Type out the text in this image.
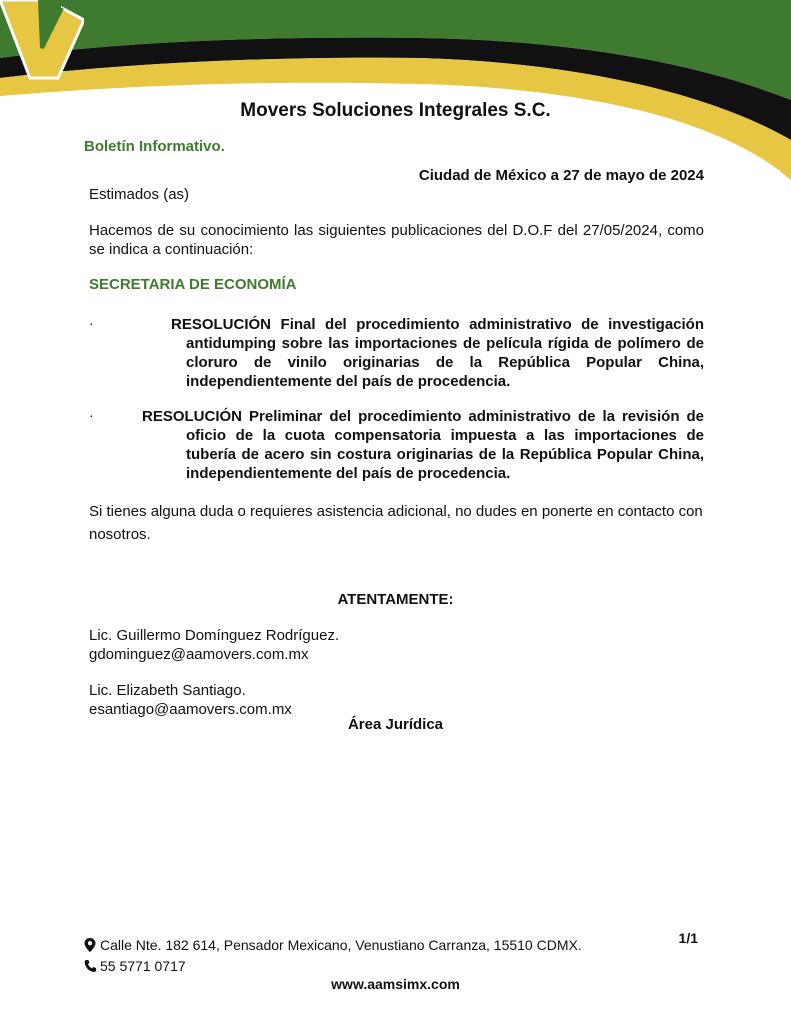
Movers Soluciones Integrales S.C.
Boletín Informativo.
Ciudad de México a 27 de mayo de 2024
Estimados (as)
Hacemos de su conocimiento las siguientes publicaciones del D.O.F del 27/05/2024, como se indica a continuación:
SECRETARIA DE ECONOMÍA
·	RESOLUCIÓN Final del procedimiento administrativo de investigación antidumping sobre las importaciones de película rígida de polímero de cloruro de vinilo originarias de la República Popular China, independientemente del país de procedencia.
·	RESOLUCIÓN Preliminar del procedimiento administrativo de la revisión de oficio de la cuota compensatoria impuesta a las importaciones de tubería de acero sin costura originarias de la República Popular China, independientemente del país de procedencia.
Si tienes alguna duda o requieres asistencia adicional, no dudes en ponerte en contacto con nosotros.
ATENTAMENTE:
Lic. Guillermo Domínguez Rodríguez.
gdominguez@aamovers.com.mx
Lic. Elizabeth Santiago.
esantiago@aamovers.com.mx
Área Jurídica
1/1
Calle Nte. 182 614, Pensador Mexicano, Venustiano Carranza, 15510 CDMX.
55 5771 0717
www.aamsimx.com
